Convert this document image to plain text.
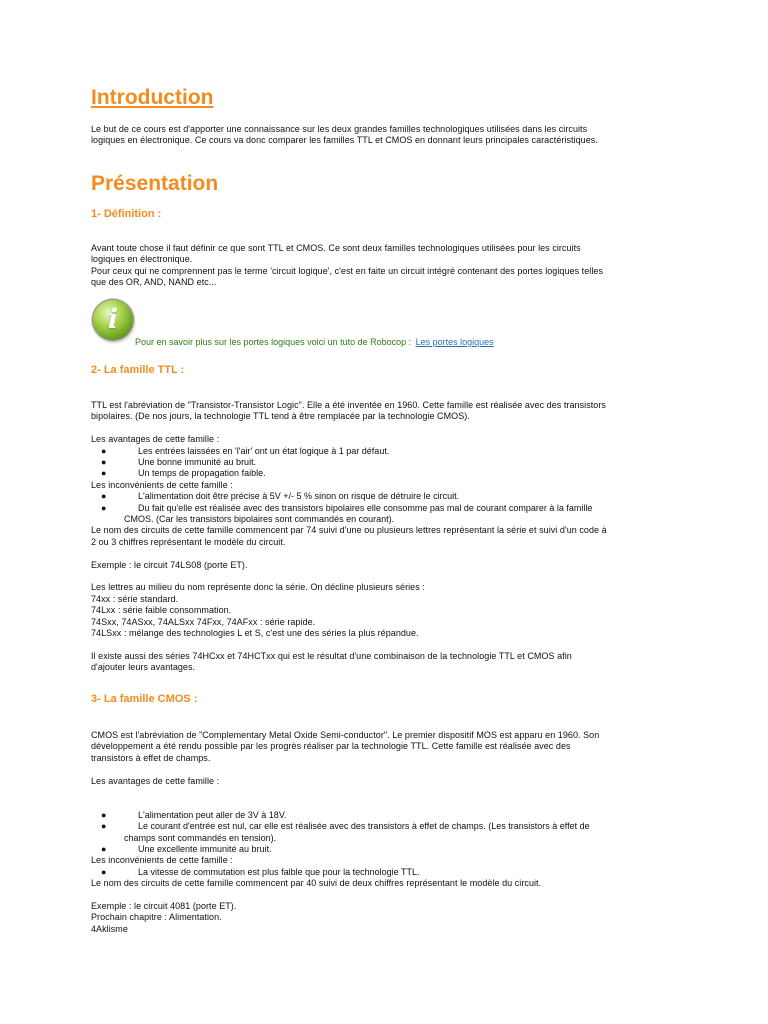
Introduction

Le but de ce cours est d'apporter une connaissance sur les deux grandes familles technologiques utilisées dans les circuits

logiques en électronique. Ce cours va donc comparer les familles TTL et CMOS en donnant leurs principales caractéristiques.

Présentation
1- Définition :

Avant toute chose il faut définir ce que sont TTL et CMOS. Ce sont deux familles technologiques utilisées pour les circuits

logiques en électronique.

Pour ceux qui ne comprennent pas le terme 'circuit logique', c'est en faite un circuit intégré contenant des portes logiques telles

que des OR, AND, NAND etc...

i
Pour en savoir plus sur les portes logiques voici un tuto de Robocop : Les portes logiques
2- La famille TTL :

TTL est l'abréviation de "Transistor-Transistor Logic". Elle a été inventée en 1960. Cette famille est réalisée avec des transistors

bipolaires. (De nos jours, la technologie TTL tend à être remplacée par la technologie CMOS).

Les avantages de cette famille :

●	Les entrées laissées en 'l'air' ont un état logique à 1 par défaut.
●	Une bonne immunité au bruit.
●	Un temps de propagation faible.

Les inconvénients de cette famille :

●	L'alimentation doit être précise à 5V +/- 5 % sinon on risque de détruire le circuit.
●	Du fait qu'elle est réalisée avec des transistors bipolaires elle consomme pas mal de courant comparer à la famille
CMOS. (Car les transistors bipolaires sont commandés en courant).

Le nom des circuits de cette famille commencent par 74 suivi d'une ou plusieurs lettres représentant la série et suivi d'un code à

2 ou 3 chiffres représentant le modèle du circuit.

Exemple : le circuit 74LS08 (porte ET).

Les lettres au milieu du nom représente donc la série. On décline plusieurs séries :

74xx : série standard.

74Lxx : série faible consommation.

74Sxx, 74ASxx, 74ALSxx 74Fxx, 74AFxx : série rapide.

74LSxx : mélange des technologies L et S, c'est une des séries la plus répandue.

Il existe aussi des séries 74HCxx et 74HCTxx qui est le résultat d'une combinaison de la technologie TTL et CMOS afin

d'ajouter leurs avantages.

3- La famille CMOS :

CMOS est l'abréviation de "Complementary Metal Oxide Semi-conductor". Le premier dispositif MOS est apparu en 1960. Son

développement a été rendu possible par les progrès réaliser par la technologie TTL. Cette famille est réalisée avec des

transistors à effet de champs.

Les avantages de cette famille :

●	L'alimentation peut aller de 3V à 18V.
●	Le courant d'entrée est nul, car elle est réalisée avec des transistors à effet de champs. (Les transistors à effet de
champs sont commandés en tension).
●	Une excellente immunité au bruit.

Les inconvénients de cette famille :

●	La vitesse de commutation est plus faible que pour la technologie TTL.

Le nom des circuits de cette famille commencent par 40 suivi de deux chiffres représentant le modèle du circuit.

Exemple : le circuit 4081 (porte ET).

Prochain chapitre : Alimentation.

4Aklisme
